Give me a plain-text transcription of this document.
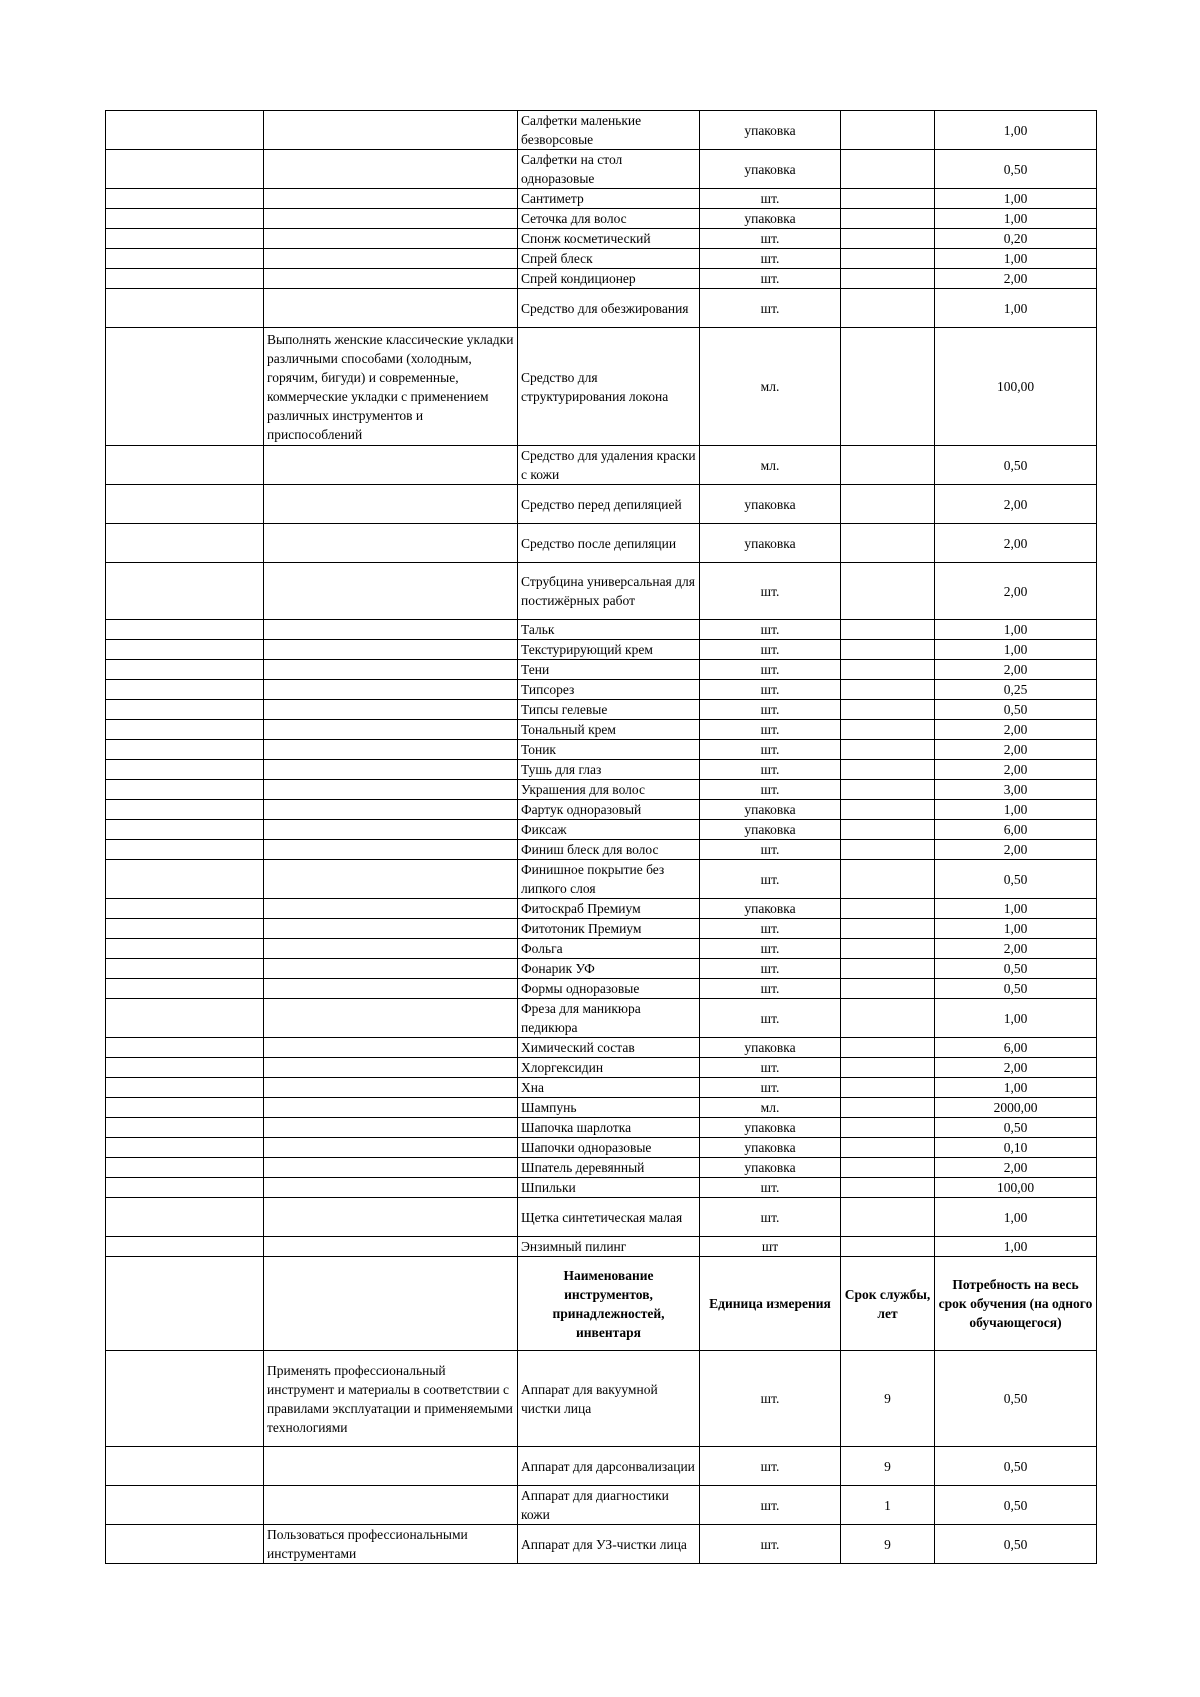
		Салфетки маленькие безворсовые	упаковка		1,00
		Салфетки на стол одноразовые	упаковка		0,50
		Сантиметр	шт.		1,00
		Сеточка для волос	упаковка		1,00
		Спонж косметический	шт.		0,20
		Спрей блеск	шт.		1,00
		Спрей кондиционер	шт.		2,00
		Средство для обезжирования	шт.		1,00
	Выполнять женские классические укладки различными способами (холодным, горячим, бигуди) и современные, коммерческие укладки с применением различных инструментов и приспособлений	Средство для структурирования локона	мл.		100,00
		Средство для удаления краски с кожи	мл.		0,50
		Средство перед депиляцией	упаковка		2,00
		Средство после депиляции	упаковка		2,00
		Струбцина универсальная для постижёрных работ	шт.		2,00
		Тальк	шт.		1,00
		Текстурирующий крем	шт.		1,00
		Тени	шт.		2,00
		Типсорез	шт.		0,25
		Типсы гелевые	шт.		0,50
		Тональный крем	шт.		2,00
		Тоник	шт.		2,00
		Тушь для глаз	шт.		2,00
		Украшения для волос	шт.		3,00
		Фартук одноразовый	упаковка		1,00
		Фиксаж	упаковка		6,00
		Финиш блеск для волос	шт.		2,00
		Финишное покрытие без липкого слоя	шт.		0,50
		Фитоскраб Премиум	упаковка		1,00
		Фитотоник Премиум	шт.		1,00
		Фольга	шт.		2,00
		Фонарик УФ	шт.		0,50
		Формы одноразовые	шт.		0,50
		Фреза для маникюра педикюра	шт.		1,00
		Химический состав	упаковка		6,00
		Хлоргексидин	шт.		2,00
		Хна	шт.		1,00
		Шампунь	мл.		2000,00
		Шапочка шарлотка	упаковка		0,50
		Шапочки одноразовые	упаковка		0,10
		Шпатель деревянный	упаковка		2,00
		Шпильки	шт.		100,00
		Щетка синтетическая малая	шт.		1,00
		Энзимный пилинг	шт		1,00
		Наименование инструментов, принадлежностей, инвентаря	Единица измерения	Срок службы, лет	Потребность на весь срок обучения (на одного обучающегося)
	Применять профессиональный инструмент и материалы в соответствии с правилами эксплуатации и применяемыми технологиями	Аппарат для вакуумной чистки лица	шт.	9	0,50
		Аппарат для дарсонвализации	шт.	9	0,50
		Аппарат для диагностики кожи	шт.	1	0,50
	Пользоваться профессиональными инструментами	Аппарат для УЗ-чистки лица	шт.	9	0,50
